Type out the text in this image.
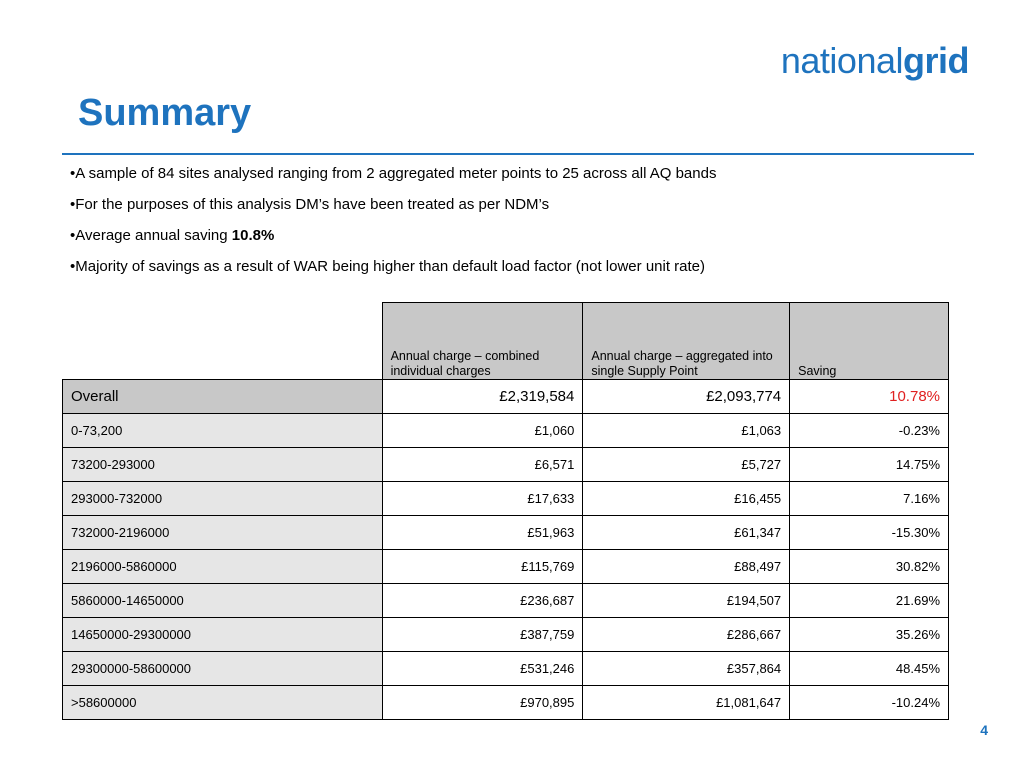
nationalgrid
Summary
•A sample of 84 sites analysed ranging from 2 aggregated meter points to 25 across all AQ bands
•For the purposes of this analysis DM’s have been treated as per NDM’s
•Average annual saving 10.8%
•Majority of savings as a result of WAR being higher than default load factor (not lower unit rate)
	Annual charge – combined individual charges	Annual charge – aggregated into single Supply Point	Saving
Overall	£2,319,584	£2,093,774	10.78%
0-73,200	£1,060	£1,063	-0.23%
73200-293000	£6,571	£5,727	14.75%
293000-732000	£17,633	£16,455	7.16%
732000-2196000	£51,963	£61,347	-15.30%
2196000-5860000	£115,769	£88,497	30.82%
5860000-14650000	£236,687	£194,507	21.69%
14650000-29300000	£387,759	£286,667	35.26%
29300000-58600000	£531,246	£357,864	48.45%
>58600000	£970,895	£1,081,647	-10.24%
4
